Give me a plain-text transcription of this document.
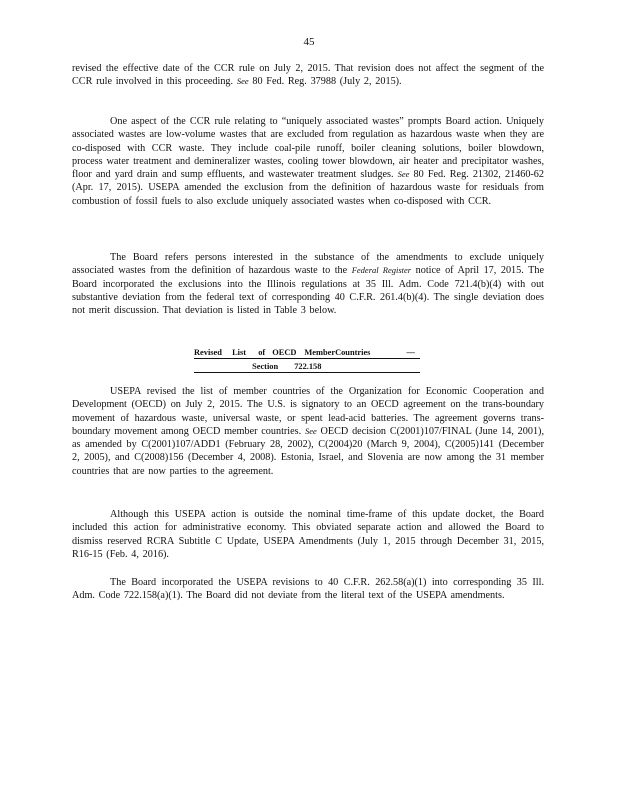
45

revised the effective date of the CCR rule on July 2, 2015. That revision does not affect the segment of the CCR rule involved in this proceeding. See 80 Fed. Reg. 37988 (July 2, 2015).

One aspect of the CCR rule relating to “uniquely associated wastes” prompts Board action. Uniquely associated wastes are low-volume wastes that are excluded from regulation as hazardous waste when they are co-disposed with CCR waste. They include coal-pile runoff, boiler cleaning solutions, boiler blowdown, process water treatment and demineralizer wastes, cooling tower blowdown, air heater and precipitator washes, floor and yard drain and sump effluents, and wastewater treatment sludges. See 80 Fed. Reg. 21302, 21460-62 (Apr. 17, 2015). USEPA amended the exclusion from the definition of hazardous waste for residuals from combustion of fossil fuels to also exclude uniquely associated wastes when co-disposed with CCR.

The Board refers persons interested in the substance of the amendments to exclude uniquely associated wastes from the definition of hazardous waste to the Federal Register notice of April 17, 2015. The Board incorporated the exclusions into the Illinois regulations at 35 Ill. Adm. Code 721.4(b)(4) with out substantive deviation from the federal text of corresponding 40 C.F.R. 261.4(b)(4). The single deviation does not merit discussion. That deviation is listed in Table 3 below.

Revised List of OECD MemberCountries	—
Section 722.158

USEPA revised the list of member countries of the Organization for Economic Cooperation and Development (OECD) on July 2, 2015. The U.S. is signatory to an OECD agreement on the trans-boundary movement of hazardous waste, universal waste, or spent lead-acid batteries. The agreement governs trans-boundary movement among OECD member countries. See OECD decision C(2001)107/FINAL (June 14, 2001), as amended by C(2001)107/ADD1 (February 28, 2002), C(2004)20 (March 9, 2004), C(2005)141 (December 2, 2005), and C(2008)156 (December 4, 2008). Estonia, Israel, and Slovenia are now among the 31 member countries that are now parties to the agreement.

Although this USEPA action is outside the nominal time-frame of this update docket, the Board included this action for administrative economy. This obviated separate action and allowed the Board to dismiss reserved RCRA Subtitle C Update, USEPA Amendments (July 1, 2015 through December 31, 2015, R16-15 (Feb. 4, 2016).

The Board incorporated the USEPA revisions to 40 C.F.R. 262.58(a)(1) into corresponding 35 Ill. Adm. Code 722.158(a)(1). The Board did not deviate from the literal text of the USEPA amendments.
